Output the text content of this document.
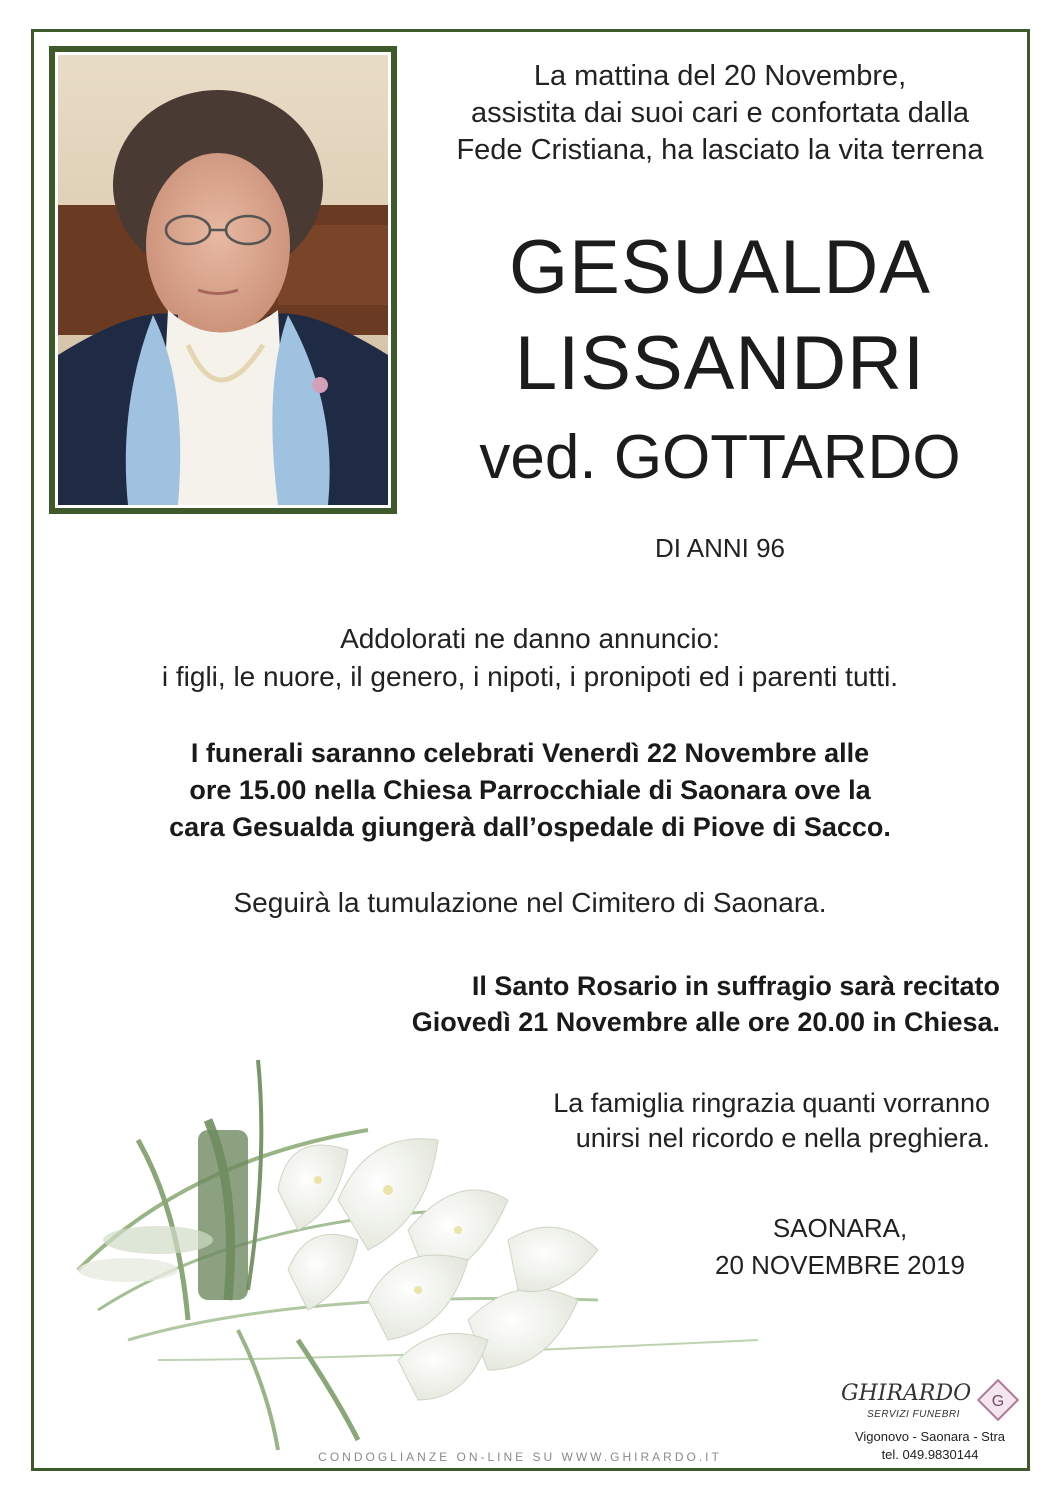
La mattina del 20 Novembre,
assistita dai suoi cari e confortata dalla
Fede Cristiana, ha lasciato la vita terrena
GESUALDA
LISSANDRI
ved. GOTTARDO
DI ANNI 96
Addolorati ne danno annuncio:
i figli, le nuore, il genero, i nipoti, i pronipoti ed i parenti tutti.
I funerali saranno celebrati Venerdì 22 Novembre alle
ore 15.00 nella Chiesa Parrocchiale di Saonara ove la
cara Gesualda giungerà dall’ospedale di Piove di Sacco.
Seguirà la tumulazione nel Cimitero di Saonara.
Il Santo Rosario in suffragio sarà recitato
Giovedì 21 Novembre alle ore 20.00 in Chiesa.
La famiglia ringrazia quanti vorranno
unirsi nel ricordo e nella preghiera.
SAONARA,
20 NOVEMBRE 2019
CONDOGLIANZE ON-LINE SU WWW.GHIRARDO.IT
GHIRARDO
SERVIZI FUNEBRI
G
Vigonovo - Saonara - Stra
tel. 049.9830144
